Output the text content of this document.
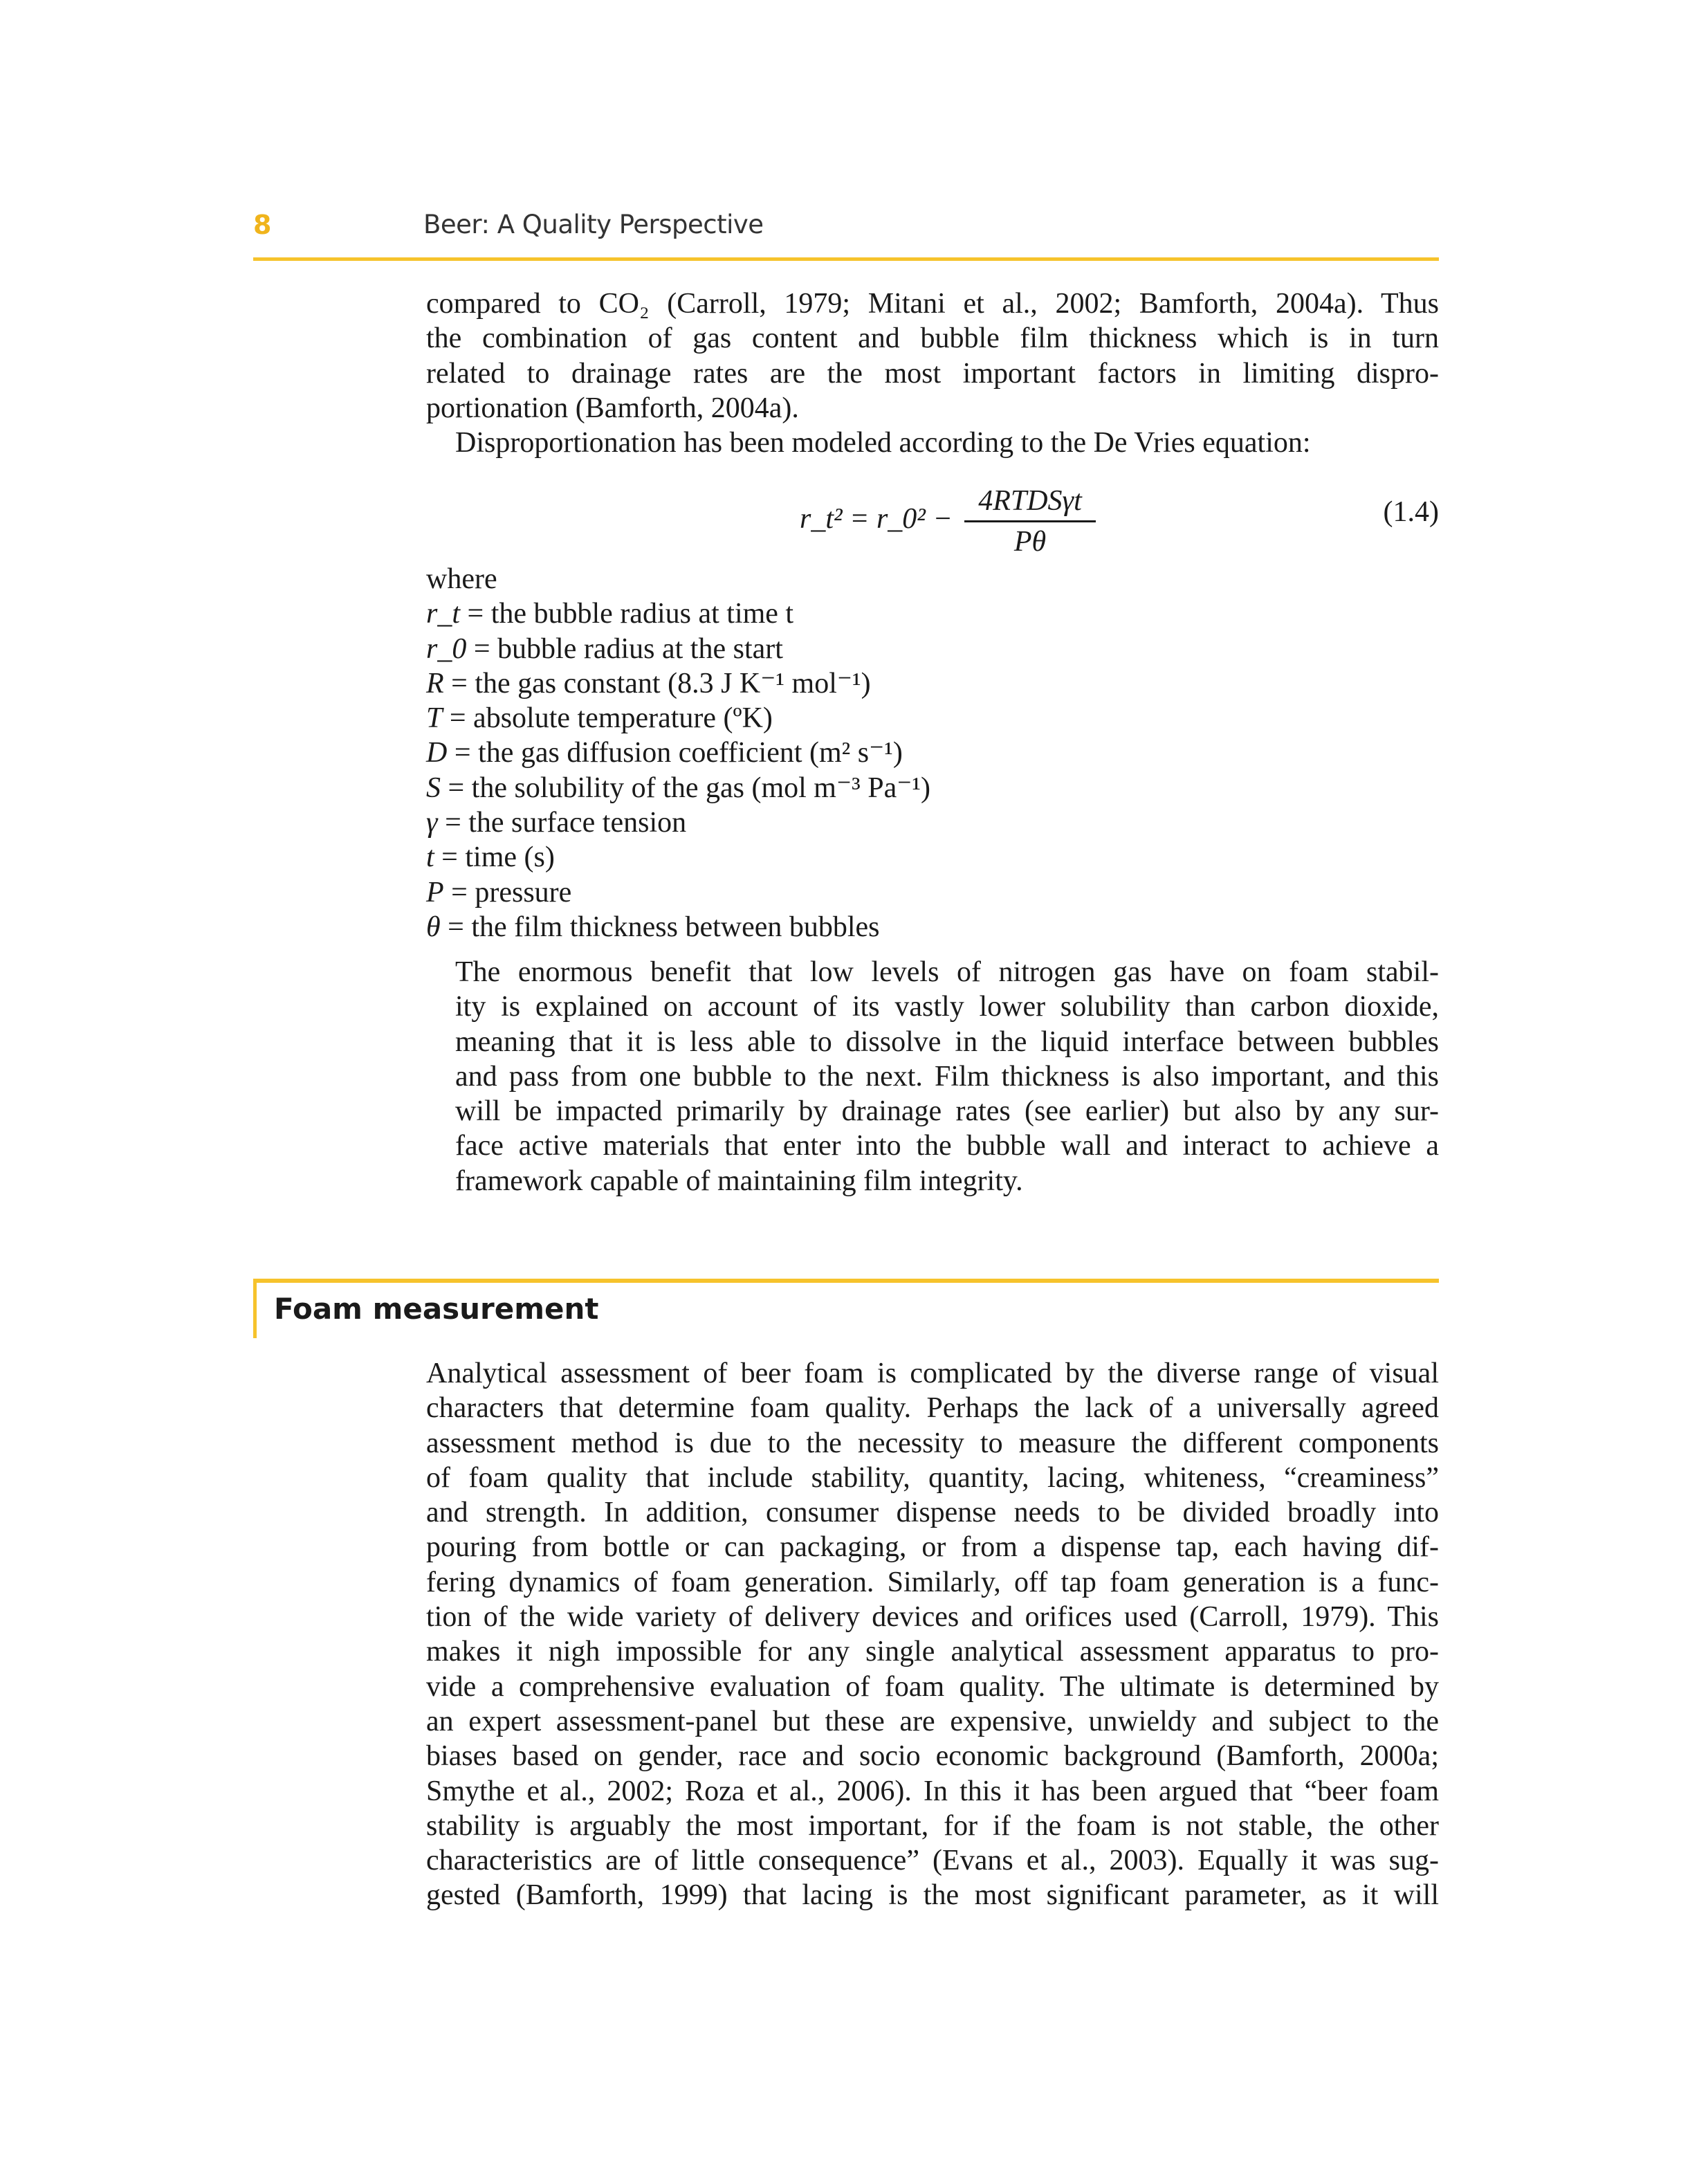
8	Beer: A Quality Perspective

compared to CO₂ (Carroll, 1979; Mitani et al., 2002; Bamforth, 2004a). Thus
the combination of gas content and bubble film thickness which is in turn
related to drainage rates are the most important factors in limiting dispro-
portionation (Bamforth, 2004a).

Disproportionation has been modeled according to the De Vries equation:

r_t² = r_0² −
4RTDSγt
Pθ
(1.4)
where
r_t = the bubble radius at time t
r_0 = bubble radius at the start
R = the gas constant (8.3 J K⁻¹ mol⁻¹)
T = absolute temperature (ºK)
D = the gas diffusion coefficient (m² s⁻¹)
S = the solubility of the gas (mol m⁻³ Pa⁻¹)
γ = the surface tension
t = time (s)
P = pressure
θ = the film thickness between bubbles

The enormous benefit that low levels of nitrogen gas have on foam stabil-
ity is explained on account of its vastly lower solubility than carbon dioxide,
meaning that it is less able to dissolve in the liquid interface between bubbles
and pass from one bubble to the next. Film thickness is also important, and this
will be impacted primarily by drainage rates (see earlier) but also by any sur-
face active materials that enter into the bubble wall and interact to achieve a
framework capable of maintaining film integrity.

Foam measurement

Analytical assessment of beer foam is complicated by the diverse range of visual
characters that determine foam quality. Perhaps the lack of a universally agreed
assessment method is due to the necessity to measure the different components
of foam quality that include stability, quantity, lacing, whiteness, “creaminess”
and strength. In addition, consumer dispense needs to be divided broadly into
pouring from bottle or can packaging, or from a dispense tap, each having dif-
fering dynamics of foam generation. Similarly, off tap foam generation is a func-
tion of the wide variety of delivery devices and orifices used (Carroll, 1979). This
makes it nigh impossible for any single analytical assessment apparatus to pro-
vide a comprehensive evaluation of foam quality. The ultimate is determined by
an expert assessment-panel but these are expensive, unwieldy and subject to the
biases based on gender, race and socio economic background (Bamforth, 2000a;
Smythe et al., 2002; Roza et al., 2006). In this it has been argued that “beer foam
stability is arguably the most important, for if the foam is not stable, the other
characteristics are of little consequence” (Evans et al., 2003). Equally it was sug-
gested (Bamforth, 1999) that lacing is the most significant parameter, as it will
